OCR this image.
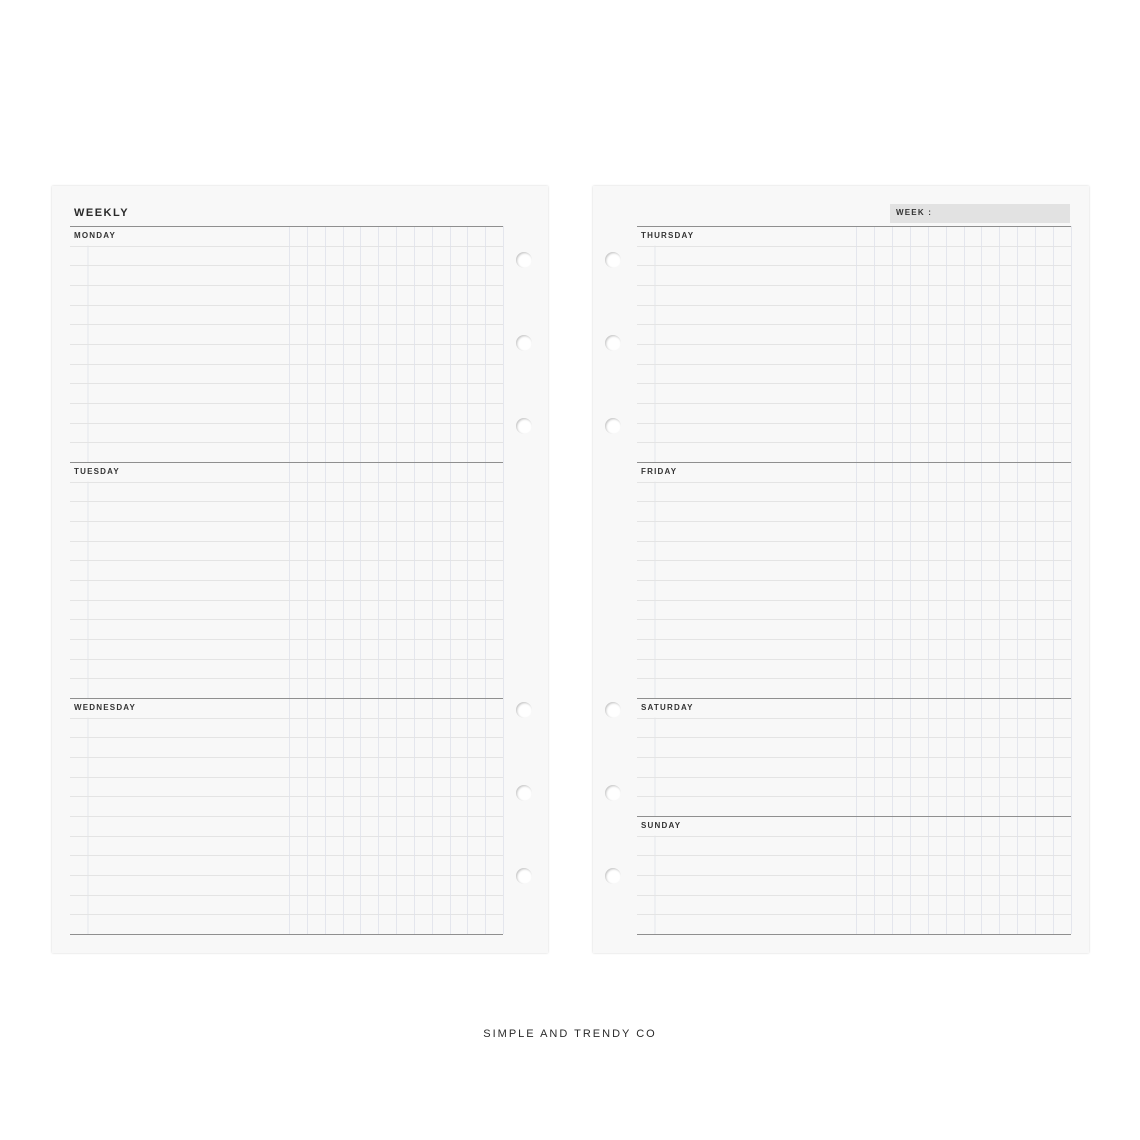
WEEKLY
MONDAY
TUESDAY
WEDNESDAY
WEEK :
THURSDAY
FRIDAY
SATURDAY
SUNDAY
SIMPLE AND TRENDY CO
